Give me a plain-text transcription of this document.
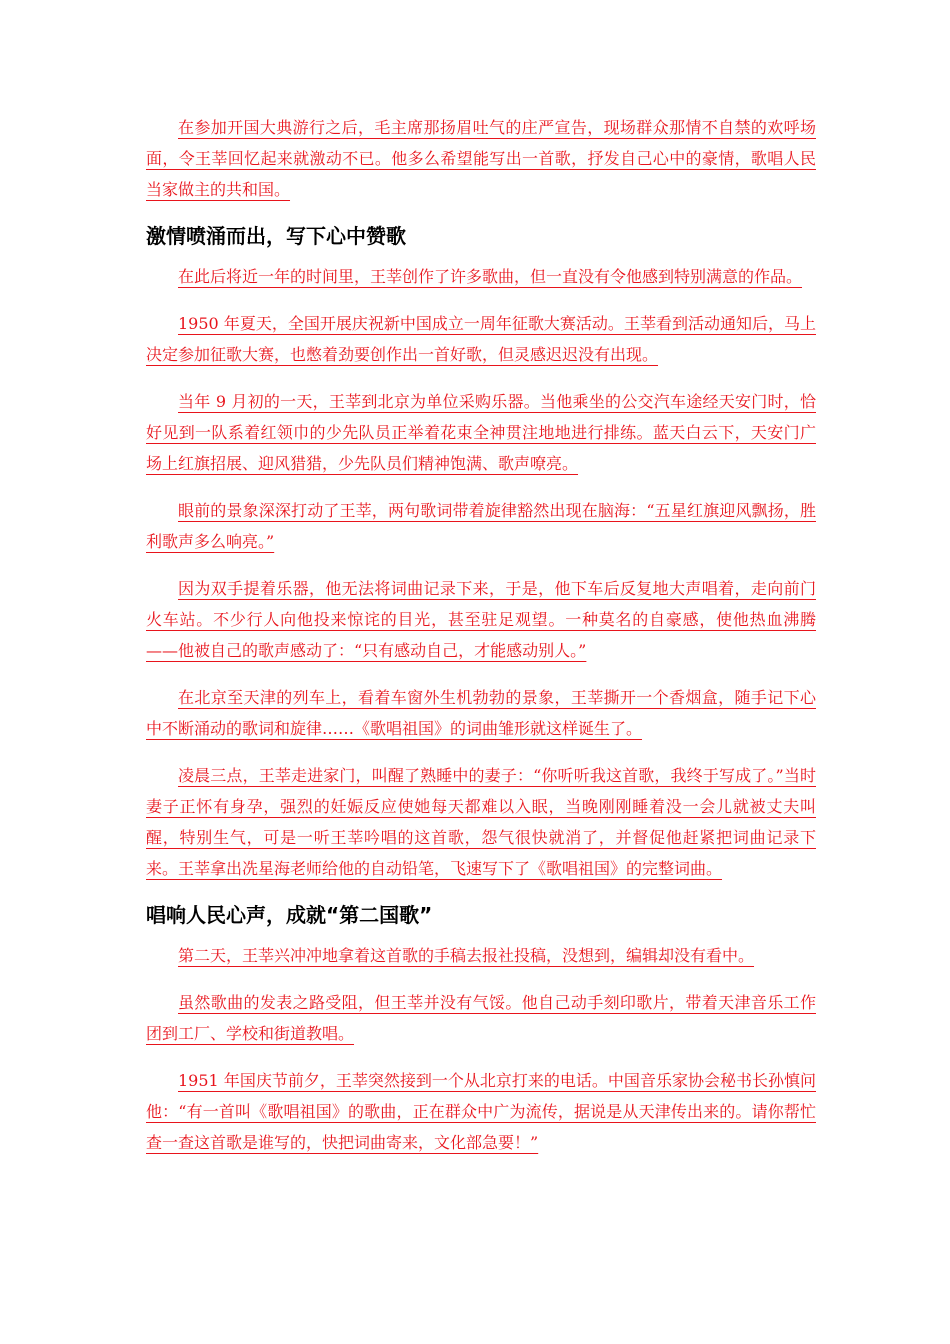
在参加开国大典游行之后，毛主席那扬眉吐气的庄严宣告，现场群众那情不自禁的欢呼场面，令王莘回忆起来就激动不已。他多么希望能写出一首歌，抒发自己心中的豪情，歌唱人民当家做主的共和国。

激情喷涌而出，写下心中赞歌

在此后将近一年的时间里，王莘创作了许多歌曲，但一直没有令他感到特别满意的作品。

1950 年夏天，全国开展庆祝新中国成立一周年征歌大赛活动。王莘看到活动通知后，马上决定参加征歌大赛，也憋着劲要创作出一首好歌，但灵感迟迟没有出现。

当年 9 月初的一天，王莘到北京为单位采购乐器。当他乘坐的公交汽车途经天安门时，恰好见到一队系着红领巾的少先队员正举着花束全神贯注地地进行排练。蓝天白云下，天安门广场上红旗招展、迎风猎猎，少先队员们精神饱满、歌声嘹亮。

眼前的景象深深打动了王莘，两句歌词带着旋律豁然出现在脑海：“五星红旗迎风飘扬，胜利歌声多么响亮。”

因为双手提着乐器，他无法将词曲记录下来，于是，他下车后反复地大声唱着，走向前门火车站。不少行人向他投来惊诧的目光，甚至驻足观望。一种莫名的自豪感，使他热血沸腾——他被自己的歌声感动了：“只有感动自己，才能感动别人。”

在北京至天津的列车上，看着车窗外生机勃勃的景象，王莘撕开一个香烟盒，随手记下心中不断涌动的歌词和旋律……《歌唱祖国》的词曲雏形就这样诞生了。

凌晨三点，王莘走进家门，叫醒了熟睡中的妻子：“你听听我这首歌，我终于写成了。”当时妻子正怀有身孕，强烈的妊娠反应使她每天都难以入眠，当晚刚刚睡着没一会儿就被丈夫叫醒，特别生气，可是一听王莘吟唱的这首歌，怨气很快就消了，并督促他赶紧把词曲记录下来。王莘拿出冼星海老师给他的自动铅笔，飞速写下了《歌唱祖国》的完整词曲。

唱响人民心声，成就“第二国歌”

第二天，王莘兴冲冲地拿着这首歌的手稿去报社投稿，没想到，编辑却没有看中。

虽然歌曲的发表之路受阻，但王莘并没有气馁。他自己动手刻印歌片，带着天津音乐工作团到工厂、学校和街道教唱。

1951 年国庆节前夕，王莘突然接到一个从北京打来的电话。中国音乐家协会秘书长孙慎问他：“有一首叫《歌唱祖国》的歌曲，正在群众中广为流传，据说是从天津传出来的。请你帮忙查一查这首歌是谁写的，快把词曲寄来，文化部急要！”
